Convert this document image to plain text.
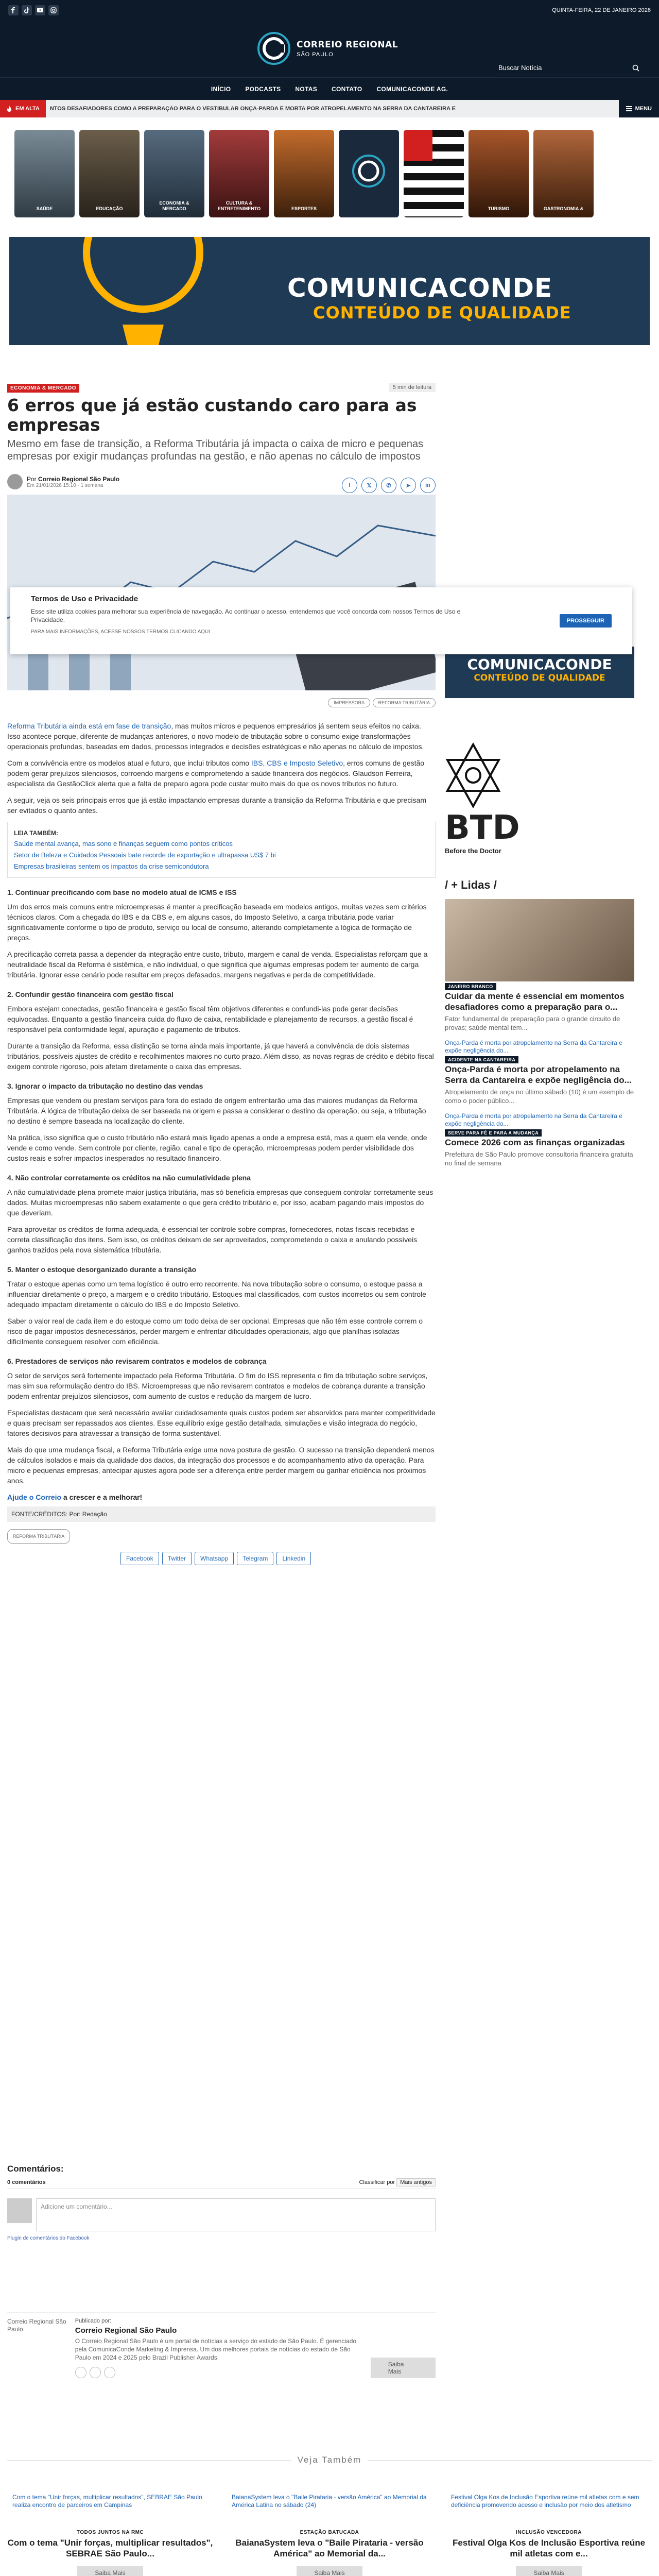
QUINTA-FEIRA, 22 DE JANEIRO 2026
CORREIO REGIONAL
SÃO PAULO
Buscar Notícia
INÍCIO PODCASTS NOTAS CONTATO COMUNICACONDE AG.
EM ALTA	NTOS DESAFIADORES COMO A PREPARAÇÃO PARA O VESTIBULAR ONÇA-PARDA É MORTA POR ATROPELAMENTO NA SERRA DA CANTAREIRA E	MENU
SAÚDE	EDUCAÇÃO
ECONOMIA &
MERCADO
CULTURA &
ENTRETENIMENTO	ESPORTES	TURISMO	GASTRONOMIA &
COMUNICACONDE
CONTEÚDO DE QUALIDADE
ECONOMIA & MERCADO	5 min de leitura
6 erros que já estão custando caro para as empresas
Mesmo em fase de transição, a Reforma Tributária já impacta o caixa de micro e pequenas empresas por exigir mudanças profundas na gestão, e não apenas no cálculo de impostos
Por Correio Regional São Paulo
Em 21/01/2026 15:10 · 1 semana	f	𝕏	✆	➤	in
IMPRESSORA	REFORMA TRIBUTÁRIA

Reforma Tributária ainda está em fase de transição, mas muitos micros e pequenos empresários já sentem seus efeitos no caixa. Isso acontece porque, diferente de mudanças anteriores, o novo modelo de tributação sobre o consumo exige transformações operacionais profundas, baseadas em dados, processos integrados e decisões estratégicas e não apenas no cálculo de impostos.

Com a convivência entre os modelos atual e futuro, que inclui tributos como IBS, CBS e Imposto Seletivo, erros comuns de gestão podem gerar prejuízos silenciosos, corroendo margens e comprometendo a saúde financeira dos negócios. Glaudson Ferreira, especialista da GestãoClick alerta que a falta de preparo agora pode custar muito mais do que os novos tributos no futuro.

A seguir, veja os seis principais erros que já estão impactando empresas durante a transição da Reforma Tributária e que precisam ser evitados o quanto antes.

LEIA TAMBÉM:
Saúde mental avança, mas sono e finanças seguem como pontos críticos
Setor de Beleza e Cuidados Pessoais bate recorde de exportação e ultrapassa US$ 7 bi
Empresas brasileiras sentem os impactos da crise semicondutora
1. Continuar precificando com base no modelo atual de ICMS e ISS

Um dos erros mais comuns entre microempresas é manter a precificação baseada em modelos antigos, muitas vezes sem critérios técnicos claros. Com a chegada do IBS e da CBS e, em alguns casos, do Imposto Seletivo, a carga tributária pode variar significativamente conforme o tipo de produto, serviço ou local de consumo, alterando completamente a lógica de formação de preços.

A precificação correta passa a depender da integração entre custo, tributo, margem e canal de venda. Especialistas reforçam que a neutralidade fiscal da Reforma é sistêmica, e não individual, o que significa que algumas empresas podem ter aumento de carga tributária. Ignorar esse cenário pode resultar em preços defasados, margens negativas e perda de competitividade.

2. Confundir gestão financeira com gestão fiscal

Embora estejam conectadas, gestão financeira e gestão fiscal têm objetivos diferentes e confundi-las pode gerar decisões equivocadas. Enquanto a gestão financeira cuida do fluxo de caixa, rentabilidade e planejamento de recursos, a gestão fiscal é responsável pela conformidade legal, apuração e pagamento de tributos.

Durante a transição da Reforma, essa distinção se torna ainda mais importante, já que haverá a convivência de dois sistemas tributários, possíveis ajustes de crédito e recolhimentos maiores no curto prazo. Além disso, as novas regras de crédito e débito fiscal exigem controle rigoroso, pois afetam diretamente o caixa das empresas.

3. Ignorar o impacto da tributação no destino das vendas

Empresas que vendem ou prestam serviços para fora do estado de origem enfrentarão uma das maiores mudanças da Reforma Tributária. A lógica de tributação deixa de ser baseada na origem e passa a considerar o destino da operação, ou seja, a tributação no destino é sempre baseada na localização do cliente.

Na prática, isso significa que o custo tributário não estará mais ligado apenas a onde a empresa está, mas a quem ela vende, onde vende e como vende. Sem controle por cliente, região, canal e tipo de operação, microempresas podem perder visibilidade dos custos reais e sofrer impactos inesperados no resultado financeiro.

4. Não controlar corretamente os créditos na não cumulatividade plena

A não cumulatividade plena promete maior justiça tributária, mas só beneficia empresas que conseguem controlar corretamente seus dados. Muitas microempresas não sabem exatamente o que gera crédito tributário e, por isso, acabam pagando mais impostos do que deveriam.

Para aproveitar os créditos de forma adequada, é essencial ter controle sobre compras, fornecedores, notas fiscais recebidas e correta classificação dos itens. Sem isso, os créditos deixam de ser aproveitados, comprometendo o caixa e anulando possíveis ganhos trazidos pela nova sistemática tributária.

5. Manter o estoque desorganizado durante a transição

Tratar o estoque apenas como um tema logístico é outro erro recorrente. Na nova tributação sobre o consumo, o estoque passa a influenciar diretamente o preço, a margem e o crédito tributário. Estoques mal classificados, com custos incorretos ou sem controle adequado impactam diretamente o cálculo do IBS e do Imposto Seletivo.

Saber o valor real de cada item e do estoque como um todo deixa de ser opcional. Empresas que não têm esse controle correm o risco de pagar impostos desnecessários, perder margem e enfrentar dificuldades operacionais, algo que planilhas isoladas dificilmente conseguem resolver com eficiência.

6. Prestadores de serviços não revisarem contratos e modelos de cobrança

O setor de serviços será fortemente impactado pela Reforma Tributária. O fim do ISS representa o fim da tributação sobre serviços, mas sim sua reformulação dentro do IBS. Microempresas que não revisarem contratos e modelos de cobrança durante a transição podem enfrentar prejuízos silenciosos, com aumento de custos e redução da margem de lucro.

Especialistas destacam que será necessário avaliar cuidadosamente quais custos podem ser absorvidos para manter competitividade e quais precisam ser repassados aos clientes. Esse equilíbrio exige gestão detalhada, simulações e visão integrada do negócio, fatores decisivos para atravessar a transição de forma sustentável.

Mais do que uma mudança fiscal, a Reforma Tributária exige uma nova postura de gestão. O sucesso na transição dependerá menos de cálculos isolados e mais da qualidade dos dados, da integração dos processos e do acompanhamento ativo da operação. Para micro e pequenas empresas, antecipar ajustes agora pode ser a diferença entre perder margem ou ganhar eficiência nos próximos anos.

Ajude o Correio a crescer e a melhorar!
FONTE/CRÉDITOS: Por: Redação
REFORMA TRIBUTÁRIA
Facebook	Twitter	Whatsapp	Telegram	Linkedin
COMUNICACONDE
CONTEÚDO DE QUALIDADE
BTD
Before the Doctor
/ + Lidas /
JANEIRO BRANCO
Cuidar da mente é essencial em momentos desafiadores como a preparação para o...
Fator fundamental de preparação para o grande circuito de provas; saúde mental tem...
Onça-Parda é morta por atropelamento na Serra da Cantareira e expõe negligência do...
ACIDENTE NA CANTAREIRA
Onça-Parda é morta por atropelamento na Serra da Cantareira e expõe negligência do...
Atropelamento de onça no último sábado (10) é um exemplo de como o poder público...
Onça-Parda é morta por atropelamento na Serra da Cantareira e expõe negligência do...
SERVE PARA FÉ E PARA A MUDANÇA
Comece 2026 com as finanças organizadas
Prefeitura de São Paulo promove consultoria financeira gratuita no final de semana
Termos de Uso e Privacidade
Esse site utiliza cookies para melhorar sua experiência de navegação. Ao continuar o acesso, entendemos que você concorda com nossos Termos de Uso e Privacidade.
PARA MAIS INFORMAÇÕES, ACESSE NOSSOS TERMOS CLICANDO AQUI
PROSSEGUIR
Comentários:
0 comentários	Classificar por Mais antigos
Adicione um comentário...
Plugin de comentários do Facebook
Correio Regional São Paulo
Publicado por:
Correio Regional São Paulo
O Correio Regional São Paulo é um portal de notícias a serviço do estado de São Paulo. É gerenciado pela ComunicaConde Marketing & Imprensa. Um dos melhores portais de notícias do estado de São Paulo em 2024 e 2025 pelo Brazil Publisher Awards.
Saiba Mais
Veja Também
Com o tema "Unir forças, multiplicar resultados", SEBRAE São Paulo realiza encontro de parceiros em Campinas
TODOS JUNTOS NA RMC
Com o tema "Unir forças, multiplicar resultados", SEBRAE São Paulo...
Saiba Mais
BaianaSystem leva o "Baile Pirataria - versão América" ao Memorial da América Latina no sábado (24)
ESTAÇÃO BATUCADA
BaianaSystem leva o "Baile Pirataria - versão América" ao Memorial da...
Saiba Mais
Festival Olga Kos de Inclusão Esportiva reúne mil atletas com e sem deficiência promovendo acesso e inclusão por meio dos atletismo
INCLUSÃO VENCEDORA
Festival Olga Kos de Inclusão Esportiva reúne mil atletas com e...
Saiba Mais
